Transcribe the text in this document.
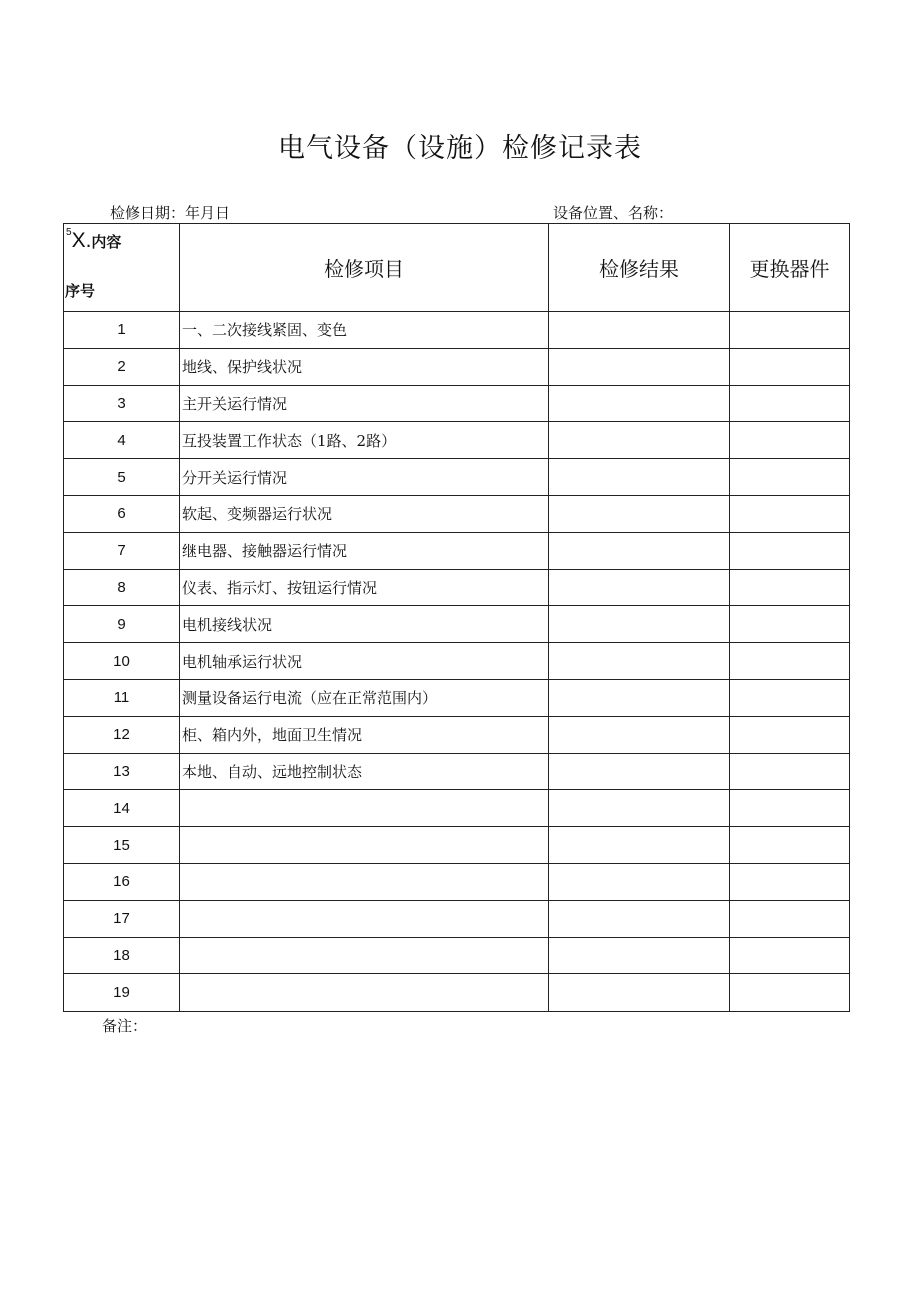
电气设备（设施）检修记录表
检修日期：年月日	设备位置、名称：
$^5$X.内容
序号	检修项目	检修结果	更换器件
1	一、二次接线紧固、变色		
2	地线、保护线状况		
3	主开关运行情况		
4	互投装置工作状态（1路、2路）		
5	分开关运行情况		
6	软起、变频器运行状况		
7	继电器、接触器运行情况		
8	仪表、指示灯、按钮运行情况		
9	电机接线状况		
10	电机轴承运行状况		
11	测量设备运行电流（应在正常范围内）		
12	柜、箱内外，地面卫生情况		
13	本地、自动、远地控制状态		
14			
15			
16			
17			
18			
19			
备注：
